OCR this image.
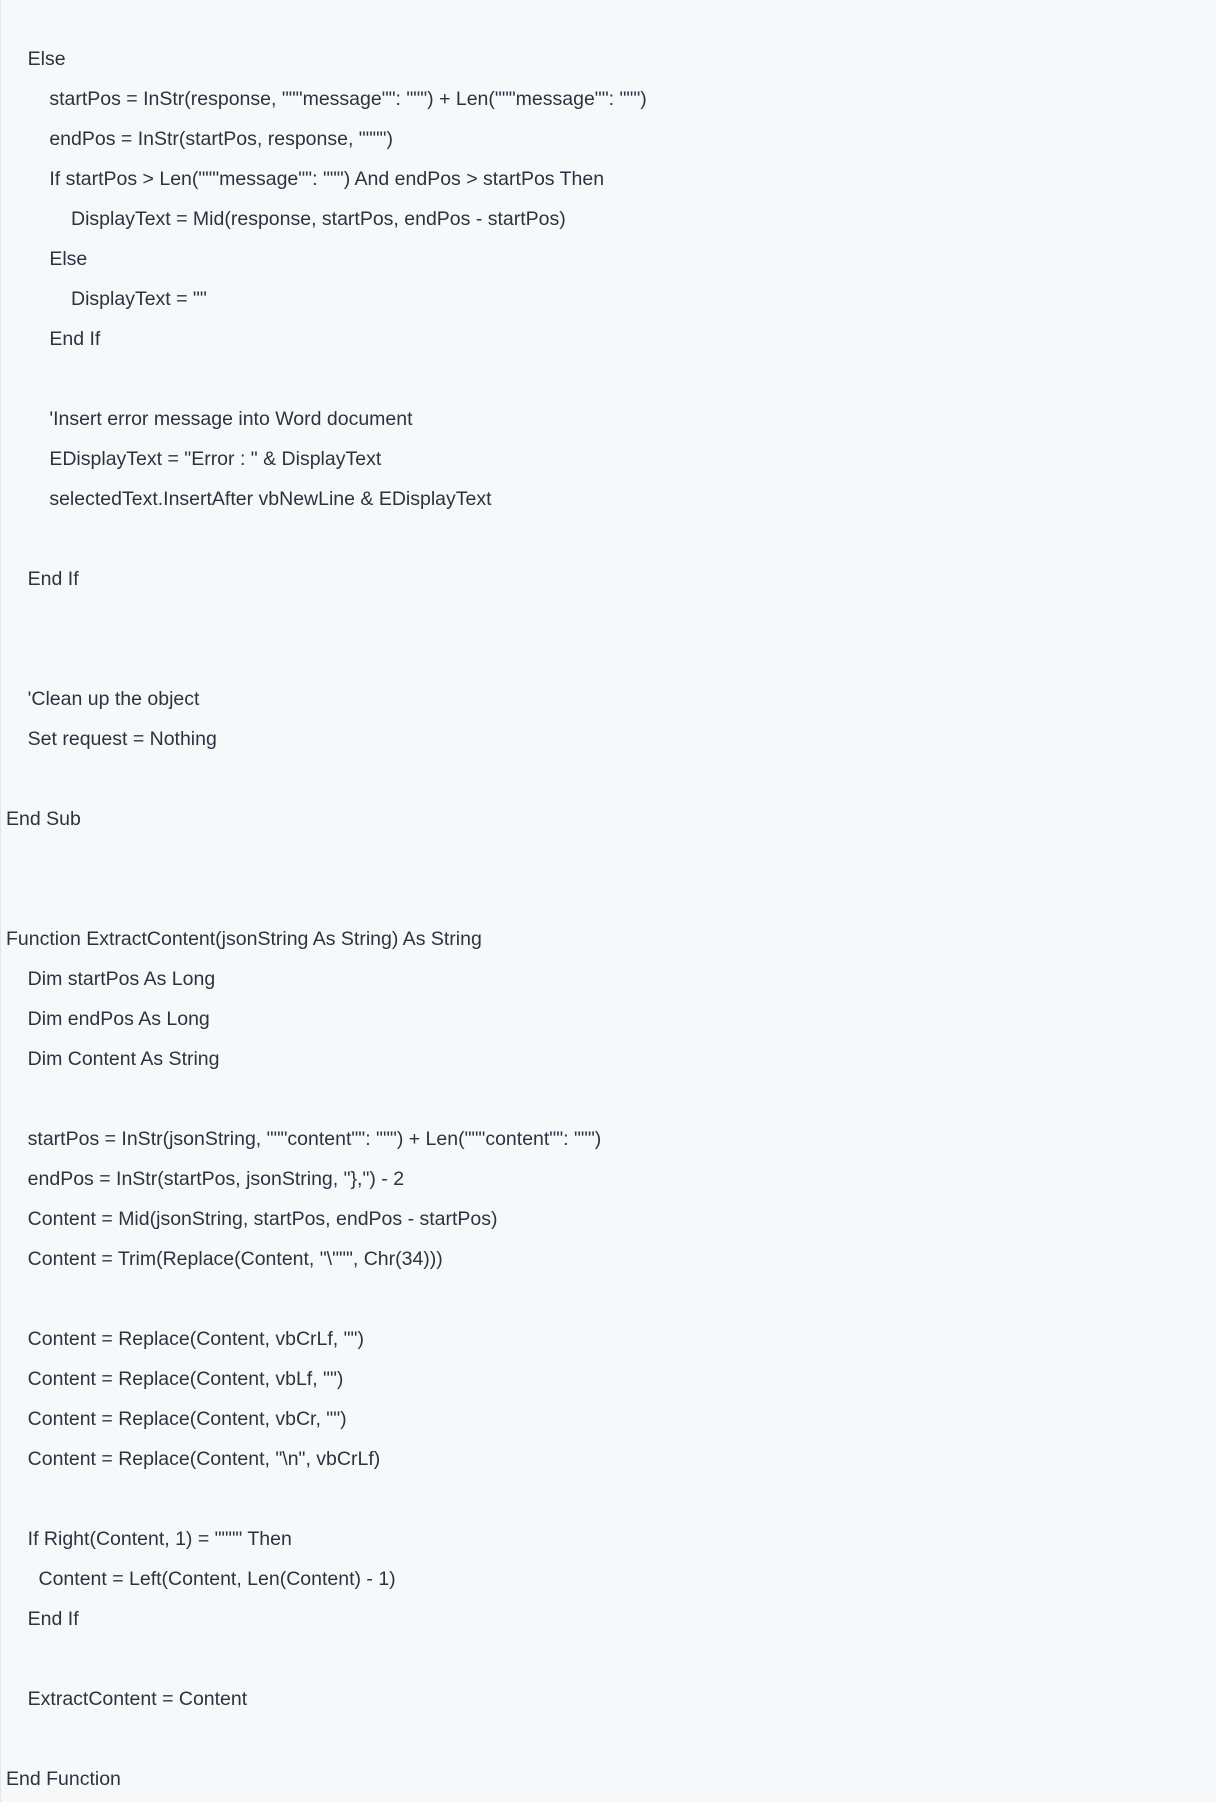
Else
startPos = InStr(response, """message"": """) + Len("""message"": """)
endPos = InStr(startPos, response, """")
If startPos > Len("""message"": """) And endPos > startPos Then
DisplayText = Mid(response, startPos, endPos - startPos)
Else
DisplayText = ""
End If
'Insert error message into Word document
EDisplayText = "Error : " & DisplayText
selectedText.InsertAfter vbNewLine & EDisplayText
End If
'Clean up the object
Set request = Nothing
End Sub
Function ExtractContent(jsonString As String) As String
Dim startPos As Long
Dim endPos As Long
Dim Content As String
startPos = InStr(jsonString, """content"": """) + Len("""content"": """)
endPos = InStr(startPos, jsonString, "},") - 2
Content = Mid(jsonString, startPos, endPos - startPos)
Content = Trim(Replace(Content, "\""", Chr(34)))
Content = Replace(Content, vbCrLf, "")
Content = Replace(Content, vbLf, "")
Content = Replace(Content, vbCr, "")
Content = Replace(Content, "\n", vbCrLf)
If Right(Content, 1) = """" Then
Content = Left(Content, Len(Content) - 1)
End If
ExtractContent = Content
End Function
